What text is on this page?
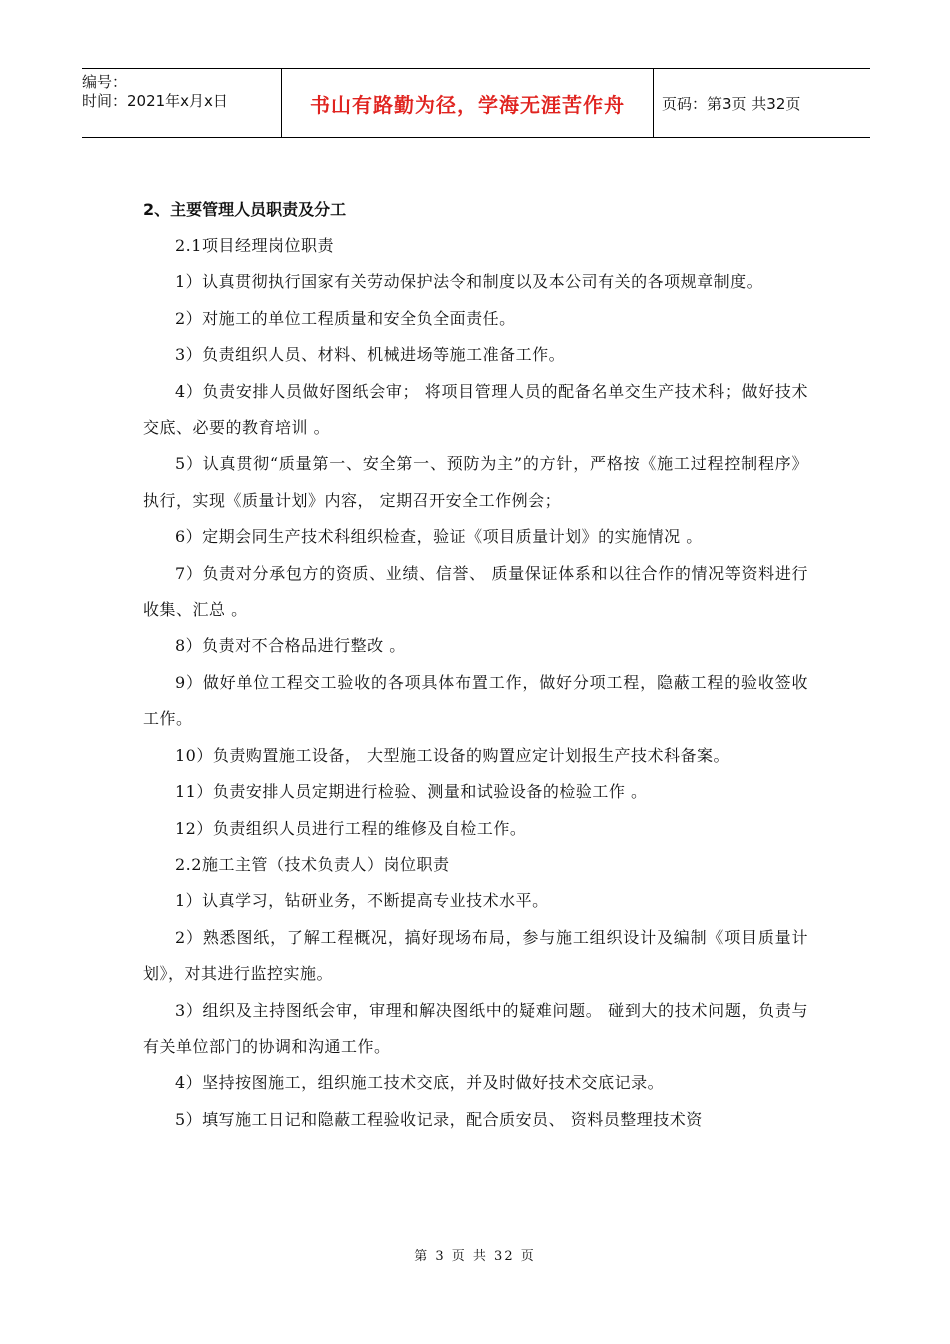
编号：
时间：2021年x月x日	书山有路勤为径，学海无涯苦作舟	页码：第3页 共32页
2、主要管理人员职责及分工

2.1项目经理岗位职责

1）认真贯彻执行国家有关劳动保护法令和制度以及本公司有关的各项规章制度。

2）对施工的单位工程质量和安全负全面责任。

3）负责组织人员、材料、机械进场等施工准备工作。

4）负责安排人员做好图纸会审； 将项目管理人员的配备名单交生产技术科；做好技术交底、必要的教育培训 。

5）认真贯彻“质量第一、安全第一、预防为主”的方针，严格按《施工过程控制程序》执行，实现《质量计划》内容， 定期召开安全工作例会；

6）定期会同生产技术科组织检查，验证《项目质量计划》的实施情况 。

7）负责对分承包方的资质、业绩、信誉、 质量保证体系和以往合作的情况等资料进行收集、汇总 。

8）负责对不合格品进行整改 。

9）做好单位工程交工验收的各项具体布置工作，做好分项工程，隐蔽工程的验收签收工作。

10）负责购置施工设备， 大型施工设备的购置应定计划报生产技术科备案。

11）负责安排人员定期进行检验、测量和试验设备的检验工作 。

12）负责组织人员进行工程的维修及自检工作。

2.2施工主管（技术负责人）岗位职责

1）认真学习，钻研业务，不断提高专业技术水平。

2）熟悉图纸，了解工程概况，搞好现场布局，参与施工组织设计及编制《项目质量计划》，对其进行监控实施。

3）组织及主持图纸会审，审理和解决图纸中的疑难问题。 碰到大的技术问题，负责与有关单位部门的协调和沟通工作。

4）坚持按图施工，组织施工技术交底，并及时做好技术交底记录。

5）填写施工日记和隐蔽工程验收记录，配合质安员、 资料员整理技术资

第 3 页 共 32 页
